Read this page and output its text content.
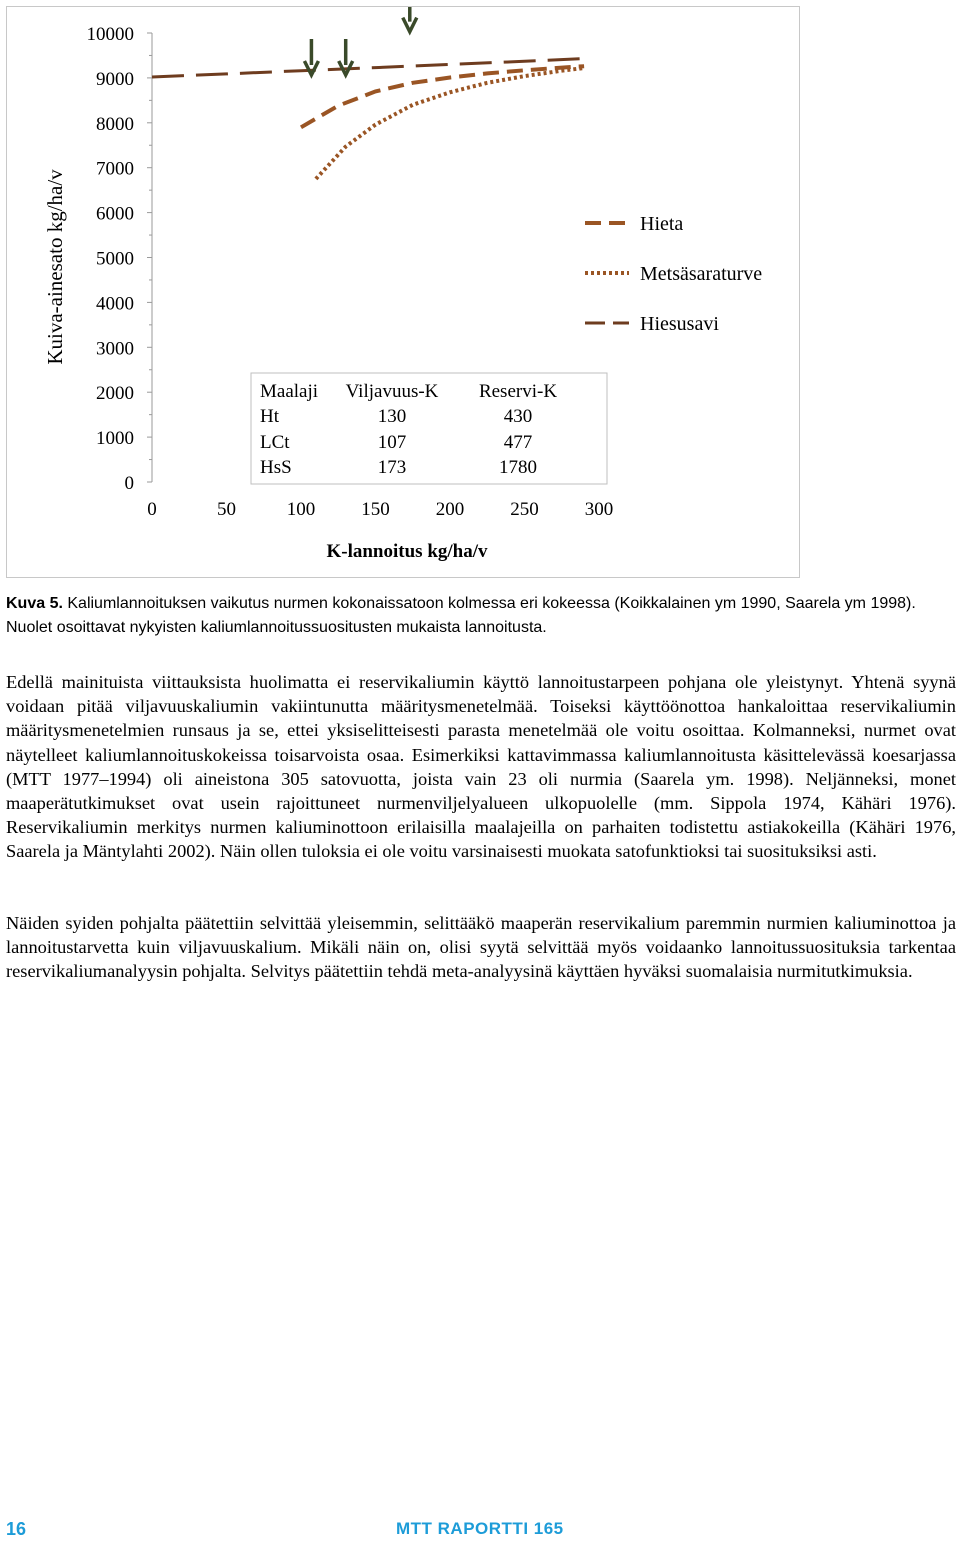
0
1000
2000
3000
4000
5000
6000
7000
8000
9000
10000
0	50	100 150 200 250 300
Hieta
Metsäsaraturve
Hiesusavi
Maalaji Viljavuus-K Reservi-K
Ht	130	430
LCt	107	477
HsS	173	1780
Kuiva-ainesato kg/ha/v
K-lannoitus kg/ha/v

Kuva 5. Kaliumlannoituksen vaikutus nurmen kokonaissatoon kolmessa eri kokeessa (Koikkalainen ym 1990, Saarela ym 1998). Nuolet osoittavat nykyisten kaliumlannoitussuositusten mukaista lannoitusta.

Edellä mainituista viittauksista huolimatta ei reservikaliumin käyttö lannoitustarpeen pohjana ole yleistynyt. Yhtenä syynä voidaan pitää viljavuuskaliumin vakiintunutta määritysmenetelmää. Toiseksi käyttöönottoa hankaloittaa reservikaliumin määritysmenetelmien runsaus ja se, ettei yksiselitteisesti parasta menetelmää ole voitu osoittaa. Kolmanneksi, nurmet ovat näytelleet kaliumlannoituskokeissa toisarvoista osaa. Esimerkiksi kattavimmassa kaliumlannoitusta käsittelevässä koesarjassa (MTT 1977–1994) oli aineistona 305 satovuotta, joista vain 23 oli nurmia (Saarela ym. 1998). Neljänneksi, monet maaperätutkimukset ovat usein rajoittuneet nurmenviljelyalueen ulkopuolelle (mm. Sippola 1974, Kähäri 1976). Reservikaliumin merkitys nurmen kaliuminottoon erilaisilla maalajeilla on parhaiten todistettu astiakokeilla (Kähäri 1976, Saarela ja Mäntylahti 2002). Näin ollen tuloksia ei ole voitu varsinaisesti muokata satofunktioksi tai suosituksiksi asti.

Näiden syiden pohjalta päätettiin selvittää yleisemmin, selittääkö maaperän reservikalium paremmin nurmien kaliuminottoa ja lannoitustarvetta kuin viljavuuskalium. Mikäli näin on, olisi syytä selvittää myös voidaanko lannoitussuosituksia tarkentaa reservikaliumanalyysin pohjalta. Selvitys päätettiin tehdä meta-analyysinä käyttäen hyväksi suomalaisia nurmitutkimuksia.

16	MTT RAPORTTI 165
